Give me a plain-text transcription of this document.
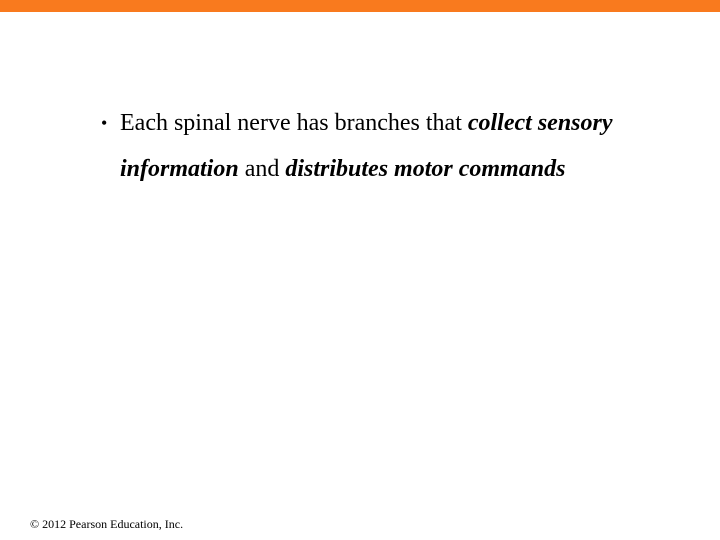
• Each spinal nerve has branches that collect sensory information and distributes motor commands
© 2012 Pearson Education, Inc.
